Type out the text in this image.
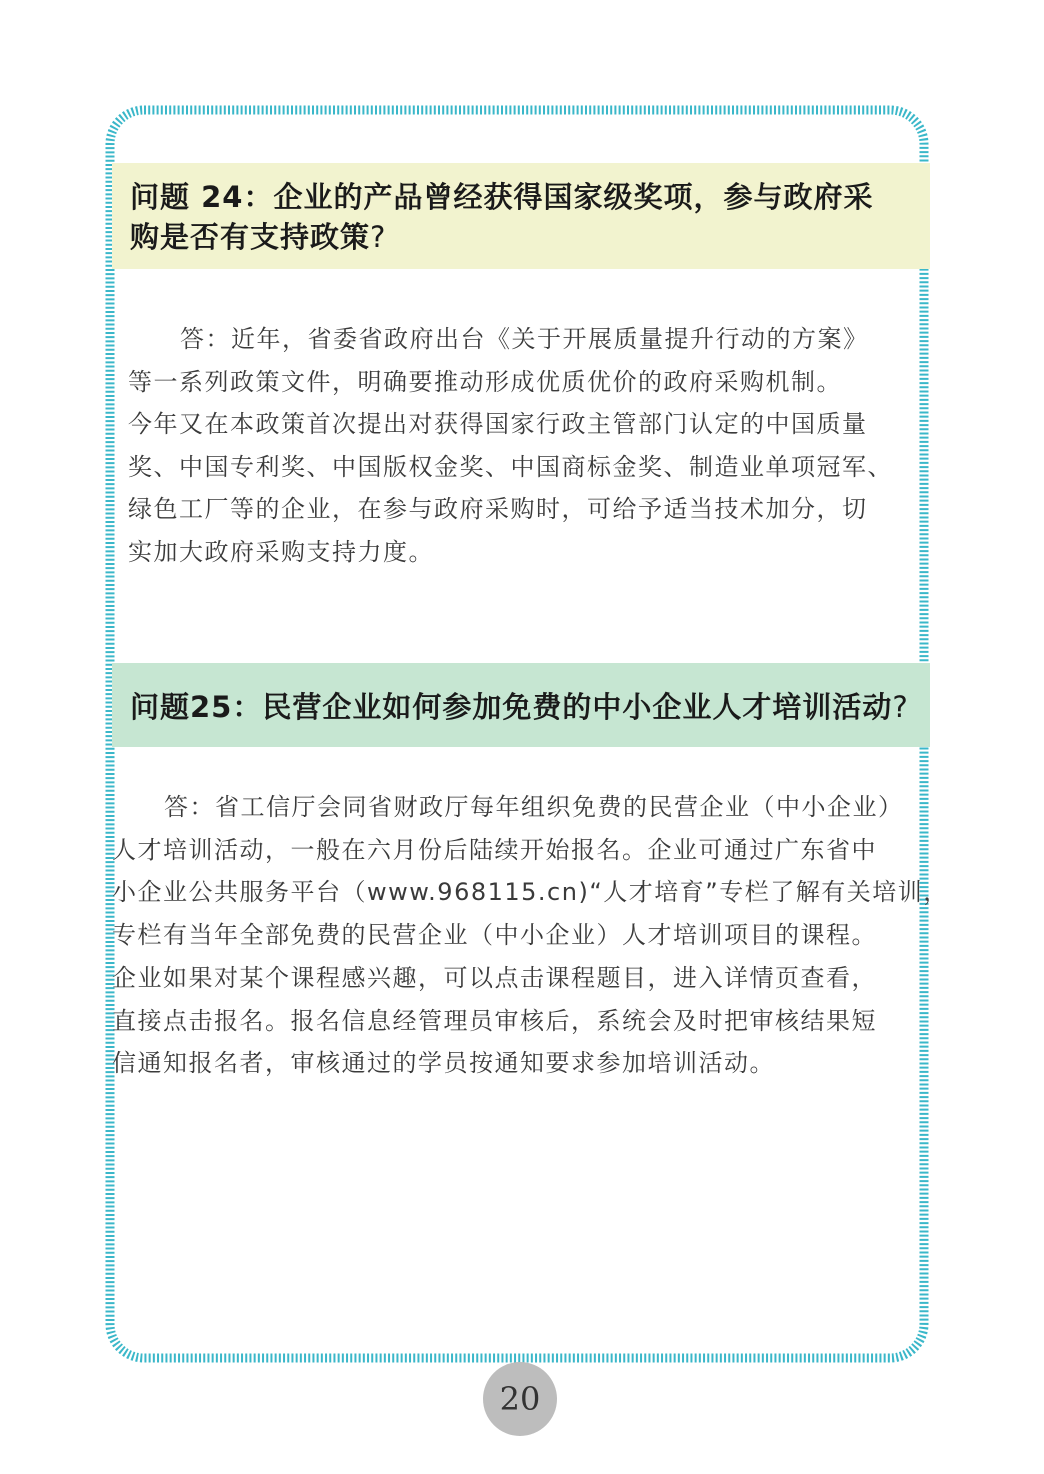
问题 24：企业的产品曾经获得国家级奖项，参与政府采
购是否有支持政策?
答：近年，省委省政府出台《关于开展质量提升行动的方案》
等一系列政策文件，明确要推动形成优质优价的政府采购机制。
今年又在本政策首次提出对获得国家行政主管部门认定的中国质量
奖、中国专利奖、中国版权金奖、中国商标金奖、制造业单项冠军、
绿色工厂等的企业，在参与政府采购时，可给予适当技术加分，切
实加大政府采购支持力度。
问题25：民营企业如何参加免费的中小企业人才培训活动?
答：省工信厅会同省财政厅每年组织免费的民营企业（中小企业）
人才培训活动，一般在六月份后陆续开始报名。企业可通过广东省中
小企业公共服务平台（www.968115.cn)“人才培育”专栏了解有关培训，
专栏有当年全部免费的民营企业（中小企业）人才培训项目的课程。
企业如果对某个课程感兴趣，可以点击课程题目，进入详情页查看，
直接点击报名。报名信息经管理员审核后，系统会及时把审核结果短
信通知报名者，审核通过的学员按通知要求参加培训活动。
20
